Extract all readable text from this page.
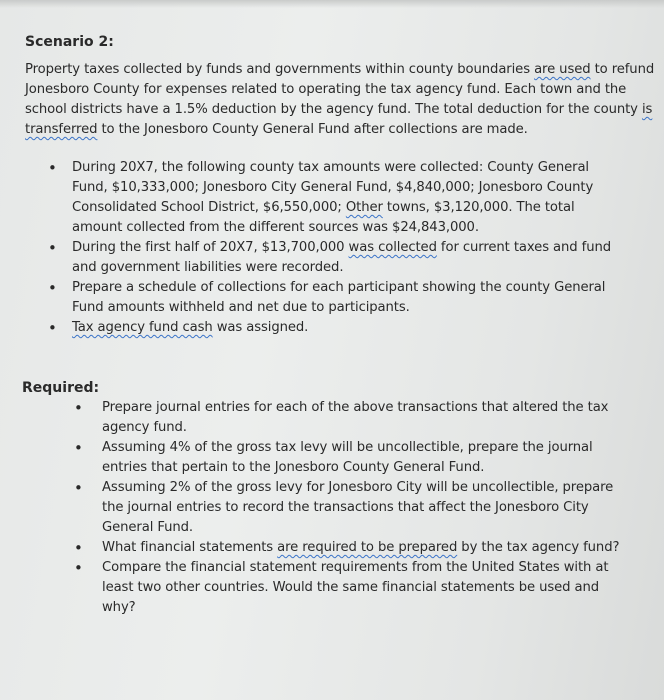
Scenario 2:

Property taxes collected by funds and governments within county boundaries are used to refund Jonesboro County for expenses related to operating the tax agency fund. Each town and the school districts have a 1.5% deduction by the agency fund. The total deduction for the county is transferred to the Jonesboro County General Fund after collections are made.

• During 20X7, the following county tax amounts were collected: County General Fund, $10,333,000; Jonesboro City General Fund, $4,840,000; Jonesboro County Consolidated School District, $6,550,000; Other towns, $3,120,000. The total amount collected from the different sources was $24,843,000.
• During the first half of 20X7, $13,700,000 was collected for current taxes and fund and government liabilities were recorded.
• Prepare a schedule of collections for each participant showing the county General Fund amounts withheld and net due to participants.
• Tax agency fund cash was assigned.
Required:
• Prepare journal entries for each of the above transactions that altered the tax agency fund.
• Assuming 4% of the gross tax levy will be uncollectible, prepare the journal entries that pertain to the Jonesboro County General Fund.
• Assuming 2% of the gross levy for Jonesboro City will be uncollectible, prepare the journal entries to record the transactions that affect the Jonesboro City General Fund.
• What financial statements are required to be prepared by the tax agency fund?
• Compare the financial statement requirements from the United States with at least two other countries. Would the same financial statements be used and why?
